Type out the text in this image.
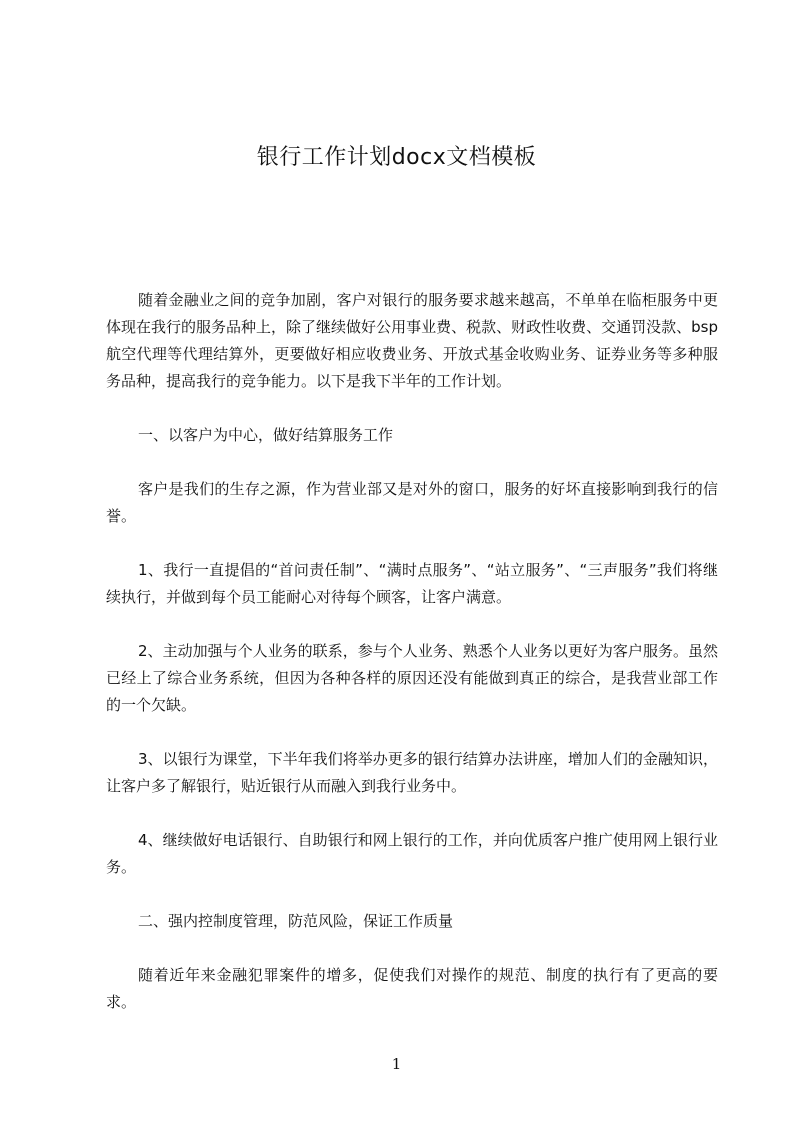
银行工作计划docx文档模板

随着金融业之间的竞争加剧，客户对银行的服务要求越来越高，不单单在临柜服务中更体现在我行的服务品种上，除了继续做好公用事业费、税款、财政性收费、交通罚没款、bsp航空代理等代理结算外，更要做好相应收费业务、开放式基金收购业务、证券业务等多种服务品种，提高我行的竞争能力。以下是我下半年的工作计划。

一、以客户为中心，做好结算服务工作

客户是我们的生存之源，作为营业部又是对外的窗口，服务的好坏直接影响到我行的信誉。

1、我行一直提倡的“首问责任制”、“满时点服务”、“站立服务”、“三声服务”我们将继续执行，并做到每个员工能耐心对待每个顾客，让客户满意。

2、主动加强与个人业务的联系，参与个人业务、熟悉个人业务以更好为客户服务。虽然已经上了综合业务系统，但因为各种各样的原因还没有能做到真正的综合，是我营业部工作的一个欠缺。

3、以银行为课堂，下半年我们将举办更多的银行结算办法讲座，增加人们的金融知识，让客户多了解银行，贴近银行从而融入到我行业务中。

4、继续做好电话银行、自助银行和网上银行的工作，并向优质客户推广使用网上银行业务。

二、强内控制度管理，防范风险，保证工作质量

随着近年来金融犯罪案件的增多，促使我们对操作的规范、制度的执行有了更高的要求。

1
